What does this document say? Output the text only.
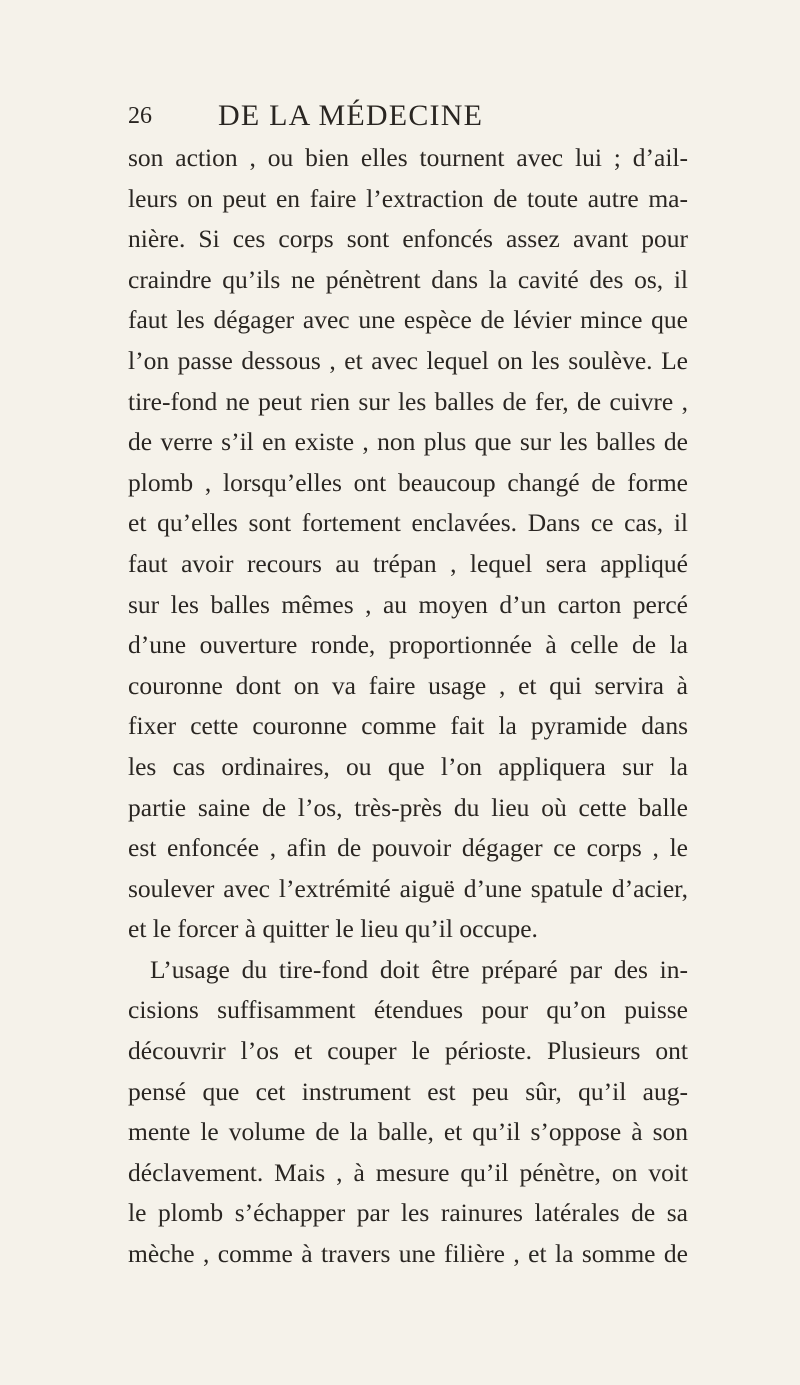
26 DE LA MÉDECINE
son action , ou bien elles tournent avec lui ; d’ail-
leurs on peut en faire l’extraction de toute autre ma-
nière. Si ces corps sont enfoncés assez avant pour
craindre qu’ils ne pénètrent dans la cavité des os, il
faut les dégager avec une espèce de lévier mince que
l’on passe dessous , et avec lequel on les soulève. Le
tire-fond ne peut rien sur les balles de fer, de cuivre ,
de verre s’il en existe , non plus que sur les balles de
plomb , lorsqu’elles ont beaucoup changé de forme
et qu’elles sont fortement enclavées. Dans ce cas, il
faut avoir recours au trépan , lequel sera appliqué
sur les balles mêmes , au moyen d’un carton percé
d’une ouverture ronde, proportionnée à celle de la
couronne dont on va faire usage , et qui servira à
fixer cette couronne comme fait la pyramide dans
les cas ordinaires, ou que l’on appliquera sur la
partie saine de l’os, très-près du lieu où cette balle
est enfoncée , afin de pouvoir dégager ce corps , le
soulever avec l’extrémité aiguë d’une spatule d’acier,
et le forcer à quitter le lieu qu’il occupe.
L’usage du tire-fond doit être préparé par des in-
cisions suffisamment étendues pour qu’on puisse
découvrir l’os et couper le périoste. Plusieurs ont
pensé que cet instrument est peu sûr, qu’il aug-
mente le volume de la balle, et qu’il s’oppose à son
déclavement. Mais , à mesure qu’il pénètre, on voit
le plomb s’échapper par les rainures latérales de sa
mèche , comme à travers une filière , et la somme de
